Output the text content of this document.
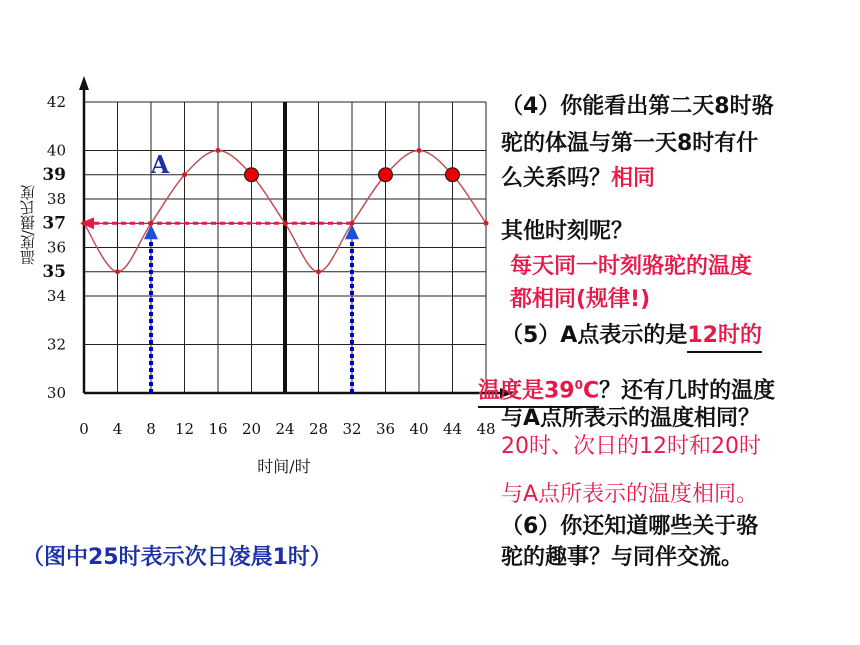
0 4 8 12 16 20 24 28 32 36 40 44 48
42
40
39
38
37
36
35
34
32
30
时间/时
A
温度/摄氏度
（4）你能看出第二天8时骆
驼的体温与第一天8时有什
么关系吗？相同
其他时刻呢？
每天同一时刻骆驼的温度
都相同(规律!)
（5）A点表示的是12时的
温度是$39^0C$？还有几时的温度
与A点所表示的温度相同？
20时、次日的12时和20时
与A点所表示的温度相同。
（6）你还知道哪些关于骆
驼的趣事？与同伴交流。
（图中25时表示次日凌晨1时）
